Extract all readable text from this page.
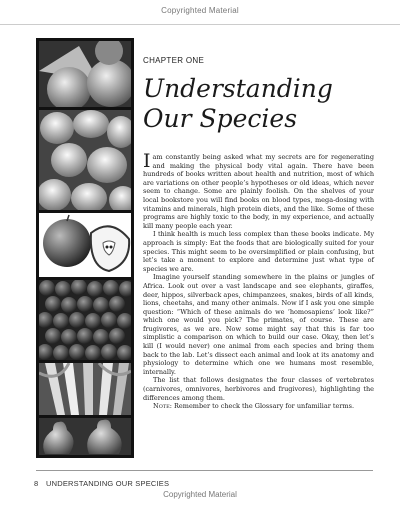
Copyrighted Material
CHAPTER ONE
Understanding
Our Species

Iam constantly being asked what my secrets are for regenerating and making the physical body vital again. There have been hundreds of books written about health and nutrition, most of which are variations on other people’s hypotheses or old ideas, which never seem to change. Some are plainly foolish. On the shelves of your local bookstore you will find books on blood types, mega-dosing with vitamins and minerals, high protein diets, and the like. Some of these programs are highly toxic to the body, in my experience, and actually kill many people each year.

I think health is much less complex than these books indicate. My approach is simply: Eat the foods that are biologically suited for your species. This might seem to be oversimplified or plain confusing, but let’s take a moment to explore and determine just what type of species we are.

Imagine yourself standing somewhere in the plains or jungles of Africa. Look out over a vast landscape and see elephants, giraffes, deer, hippos, silverback apes, chimpanzees, snakes, birds of all kinds, lions, cheetahs, and many other animals. Now if I ask you one simple question: “Which of these animals do we ‘homosapiens’ look like?” which one would you pick? The primates, of course. These are frugivores, as we are. Now some might say that this is far too simplistic a comparison on which to build our case. Okay, then let’s kill (I would never) one animal from each species and bring them back to the lab. Let’s dissect each animal and look at its anatomy and physiology to determine which one we humans most resemble, internally.

The list that follows designates the four classes of vertebrates (carnivores, omnivores, herbivores and frugivores), highlighting the differences among them.

Note: Remember to check the Glossary for unfamiliar terms.

8 UNDERSTANDING OUR SPECIES
Copyrighted Material
